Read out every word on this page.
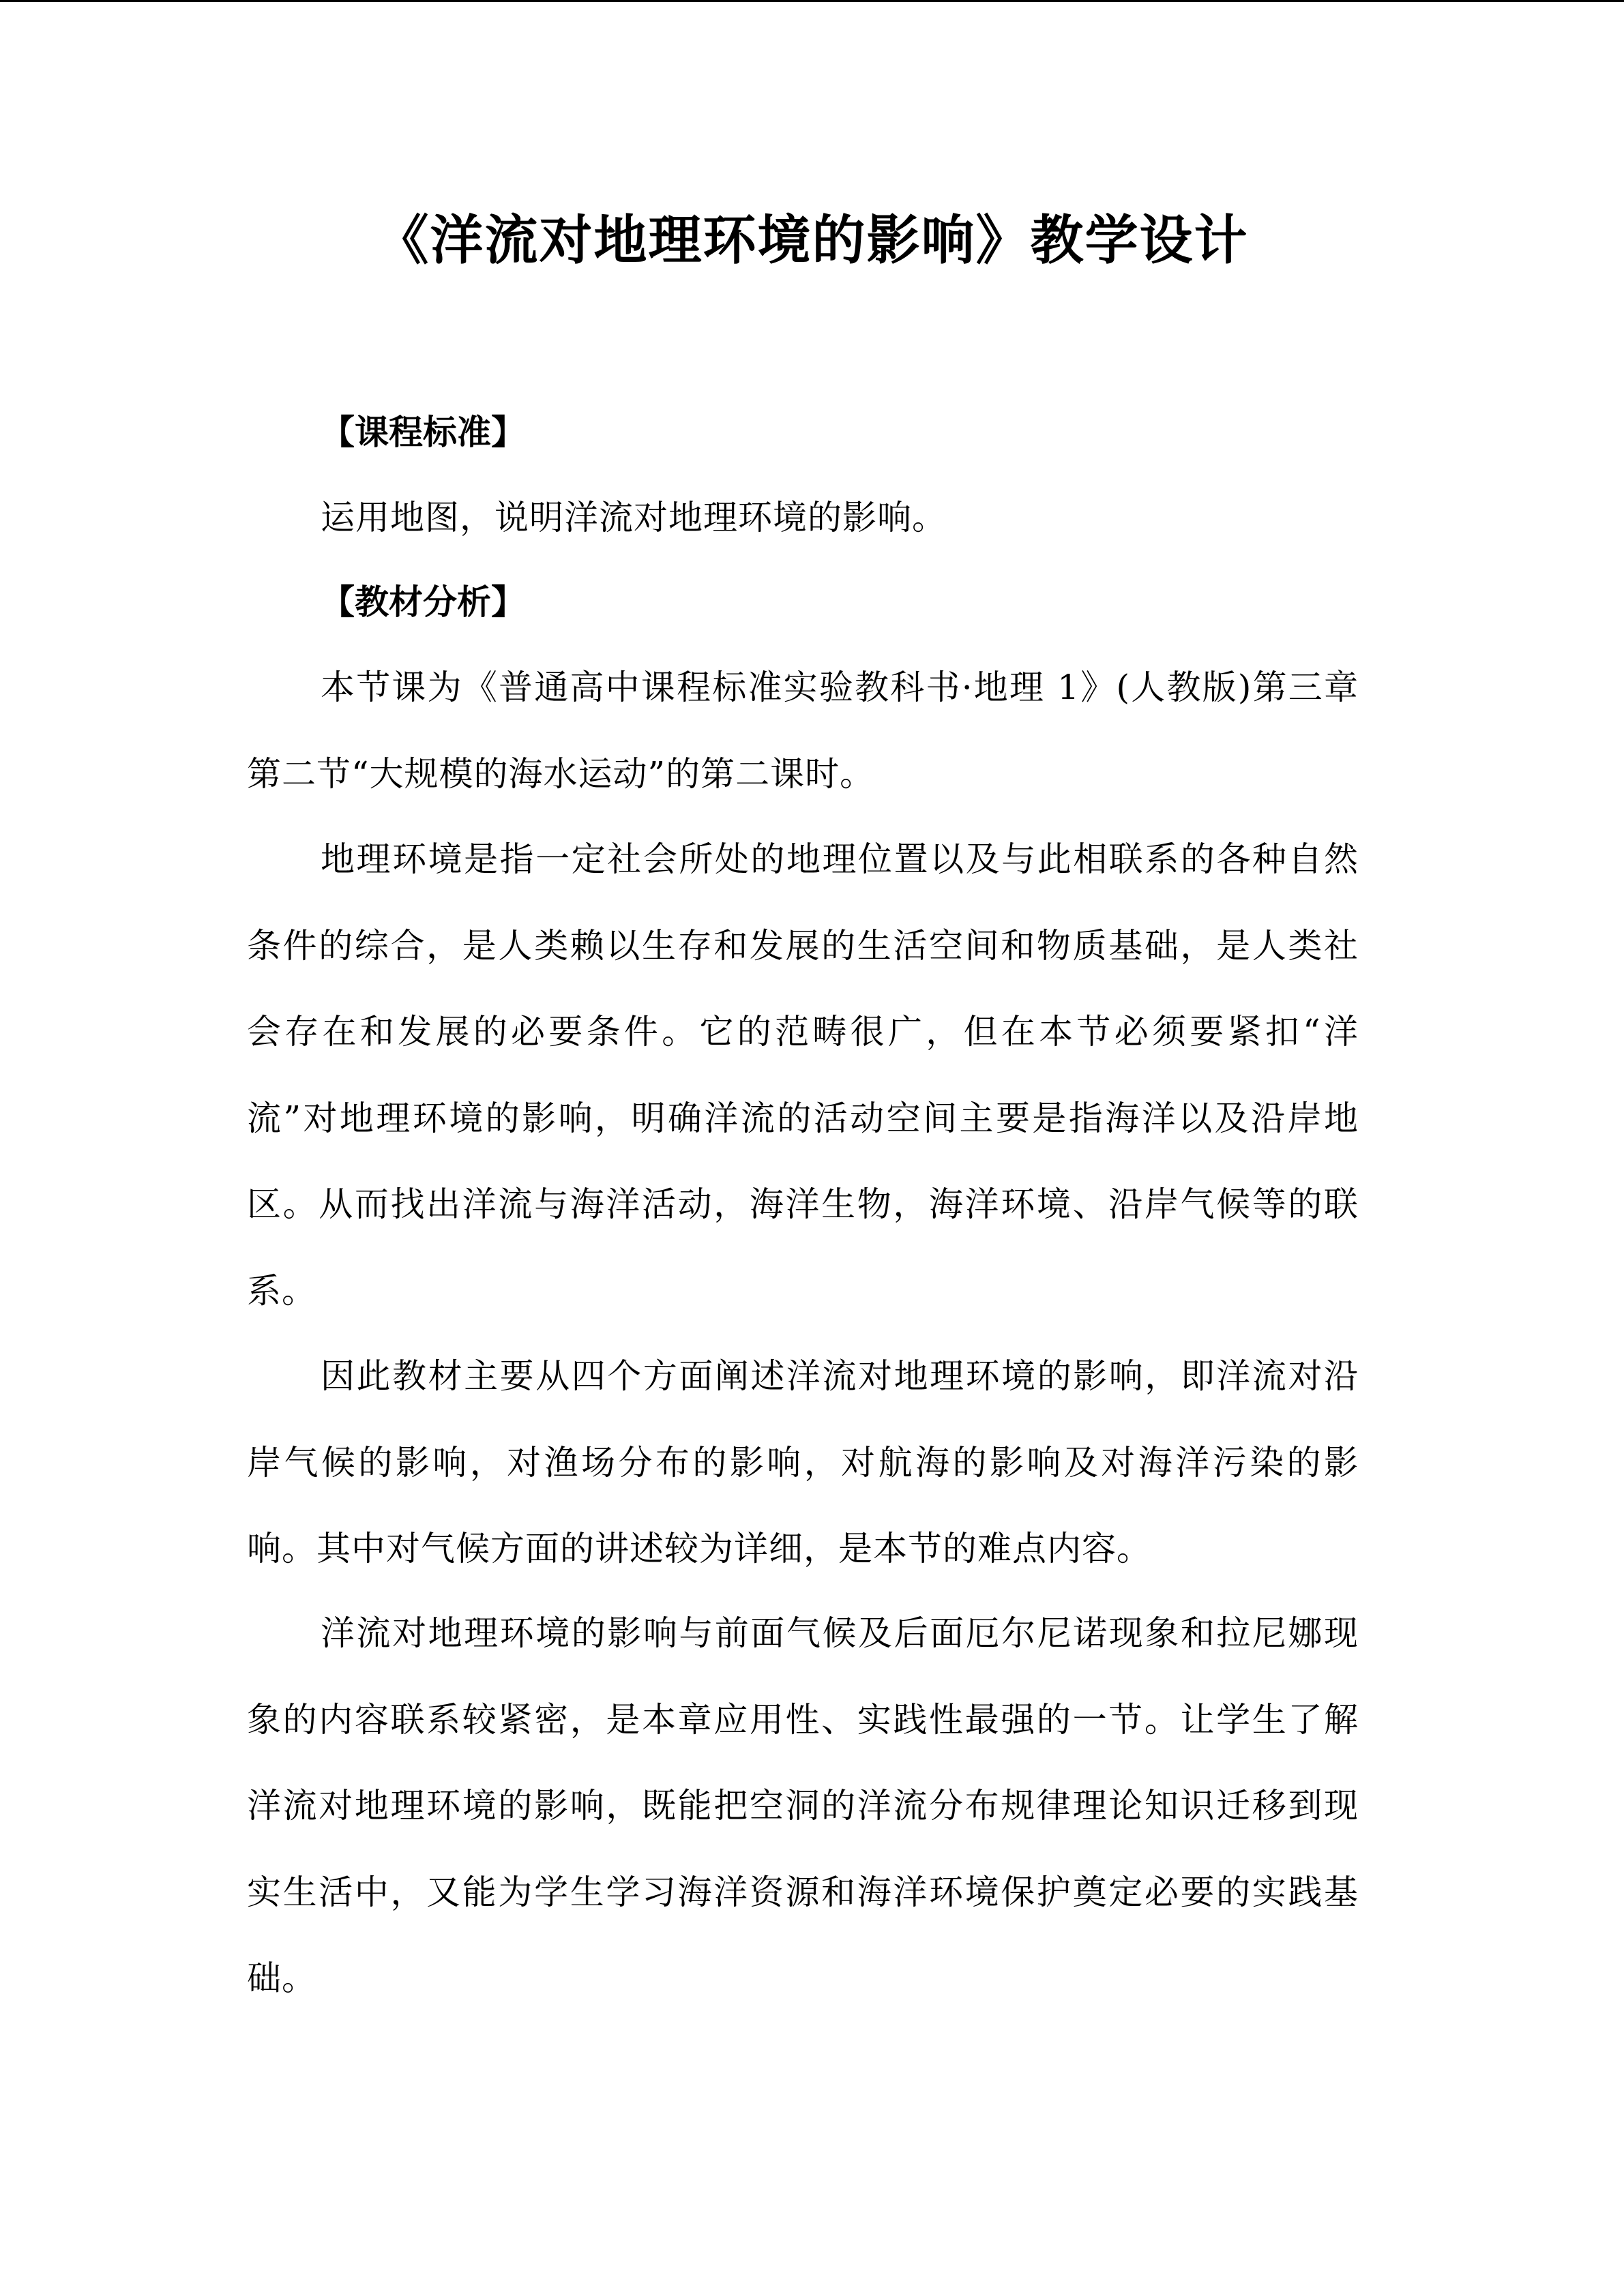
《洋流对地理环境的影响》教学设计
【课程标准】
运用地图，说明洋流对地理环境的影响。
【教材分析】
本节课为《普通高中课程标准实验教科书·地理 1》(人教版)第三章第二节“大规模的海水运动”的第二课时。
地理环境是指一定社会所处的地理位置以及与此相联系的各种自然条件的综合，是人类赖以生存和发展的生活空间和物质基础，是人类社会存在和发展的必要条件。它的范畴很广，但在本节必须要紧扣“洋流”对地理环境的影响，明确洋流的活动空间主要是指海洋以及沿岸地区。从而找出洋流与海洋活动，海洋生物，海洋环境、沿岸气候等的联系。
因此教材主要从四个方面阐述洋流对地理环境的影响，即洋流对沿岸气候的影响，对渔场分布的影响，对航海的影响及对海洋污染的影响。其中对气候方面的讲述较为详细，是本节的难点内容。
洋流对地理环境的影响与前面气候及后面厄尔尼诺现象和拉尼娜现象的内容联系较紧密，是本章应用性、实践性最强的一节。让学生了解洋流对地理环境的影响，既能把空洞的洋流分布规律理论知识迁移到现实生活中，又能为学生学习海洋资源和海洋环境保护奠定必要的实践基础。
